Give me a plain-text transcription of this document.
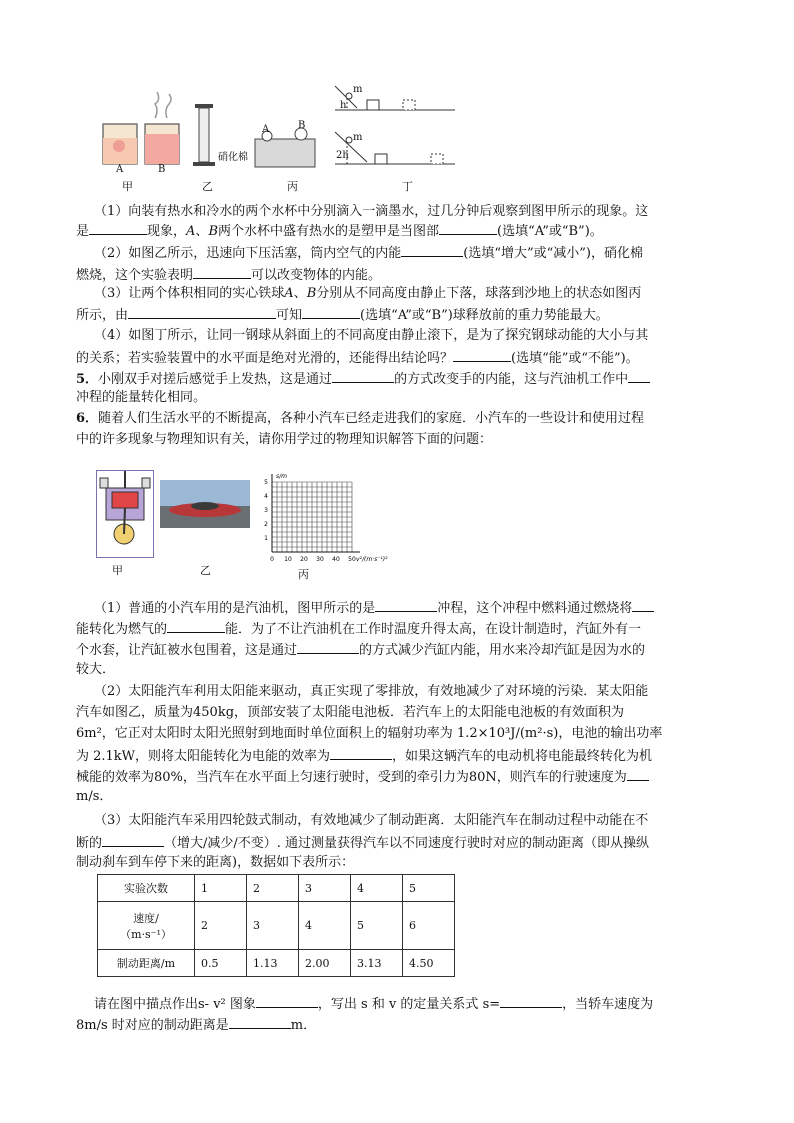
A	B
硝化棉
A	B
m
h
m
2h
甲	乙	丙	丁
（1）向装有热水和冷水的两个水杯中分别滴入一滴墨水，过几分钟后观察到图甲所示的现象。这
是	现象，A、B两个水杯中盛有热水的是塑甲是当图部	(选填“A”或“B”)。
（2）如图乙所示，迅速向下压活塞，筒内空气的内能	(选填“增大”或“减小”)，硝化棉
燃烧，这个实验表明	可以改变物体的内能。
（3）让两个体积相同的实心铁球A、B分别从不同高度由静止下落，球落到沙地上的状态如图丙
所示，由	可知	(选填“A”或“B”)球释放前的重力势能最大。
（4）如图丁所示，让同一钢球从斜面上的不同高度由静止滚下，是为了探究钢球动能的大小与其
的关系；若实验装置中的水平面是绝对光滑的，还能得出结论吗？	(选填“能”或“不能”)。
5．小刚双手对搓后感觉手上发热，这是通过	的方式改变手的内能，这与汽油机工作中
冲程的能量转化相同。
6．随着人们生活水平的不断提高，各种小汽车已经走进我们的家庭．小汽车的一些设计和使用过程
中的许多现象与物理知识有关，请你用学过的物理知识解答下面的问题：
甲	乙	丙
0 10 20 30 40 50
1
2
3
4
5
v²/(m·s⁻¹)²
s/m
（1）普通的小汽车用的是汽油机，图甲所示的是	冲程，这个冲程中燃料通过燃烧将
能转化为燃气的	能．为了不让汽油机在工作时温度升得太高，在设计制造时，汽缸外有一
个水套，让汽缸被水包围着，这是通过	的方式减少汽缸内能，用水来冷却汽缸是因为水的
较大．
（2）太阳能汽车利用太阳能来驱动，真正实现了零排放，有效地减少了对环境的污染．某太阳能
汽车如图乙，质量为450kg，顶部安装了太阳能电池板．若汽车上的太阳能电池板的有效面积为
6m²，它正对太阳时太阳光照射到地面时单位面积上的辐射功率为 1.2×10³J/(m²·s)，电池的输出功率
为 2.1kW，则将太阳能转化为电能的效率为	，如果这辆汽车的电动机将电能最终转化为机
械能的效率为80%，当汽车在水平面上匀速行驶时，受到的牵引力为80N，则汽车的行驶速度为
m/s．
（3）太阳能汽车采用四轮鼓式制动，有效地减少了制动距离．太阳能汽车在制动过程中动能在不
断的	（增大/减少/不变）. 通过测量获得汽车以不同速度行驶时对应的制动距离（即从操纵
制动刹车到车停下来的距离)，数据如下表所示：
实验次数	1	2	3	4	5

速度/
（m·s⁻¹）	2	3	4	5	6
制动距离/m	0.5	1.13	2.00	3.13	4.50
请在图中描点作出s- v² 图象	，写出 s 和 v 的定量关系式 s=	，当轿车速度为
8m/s 时对应的制动距离是	m．
